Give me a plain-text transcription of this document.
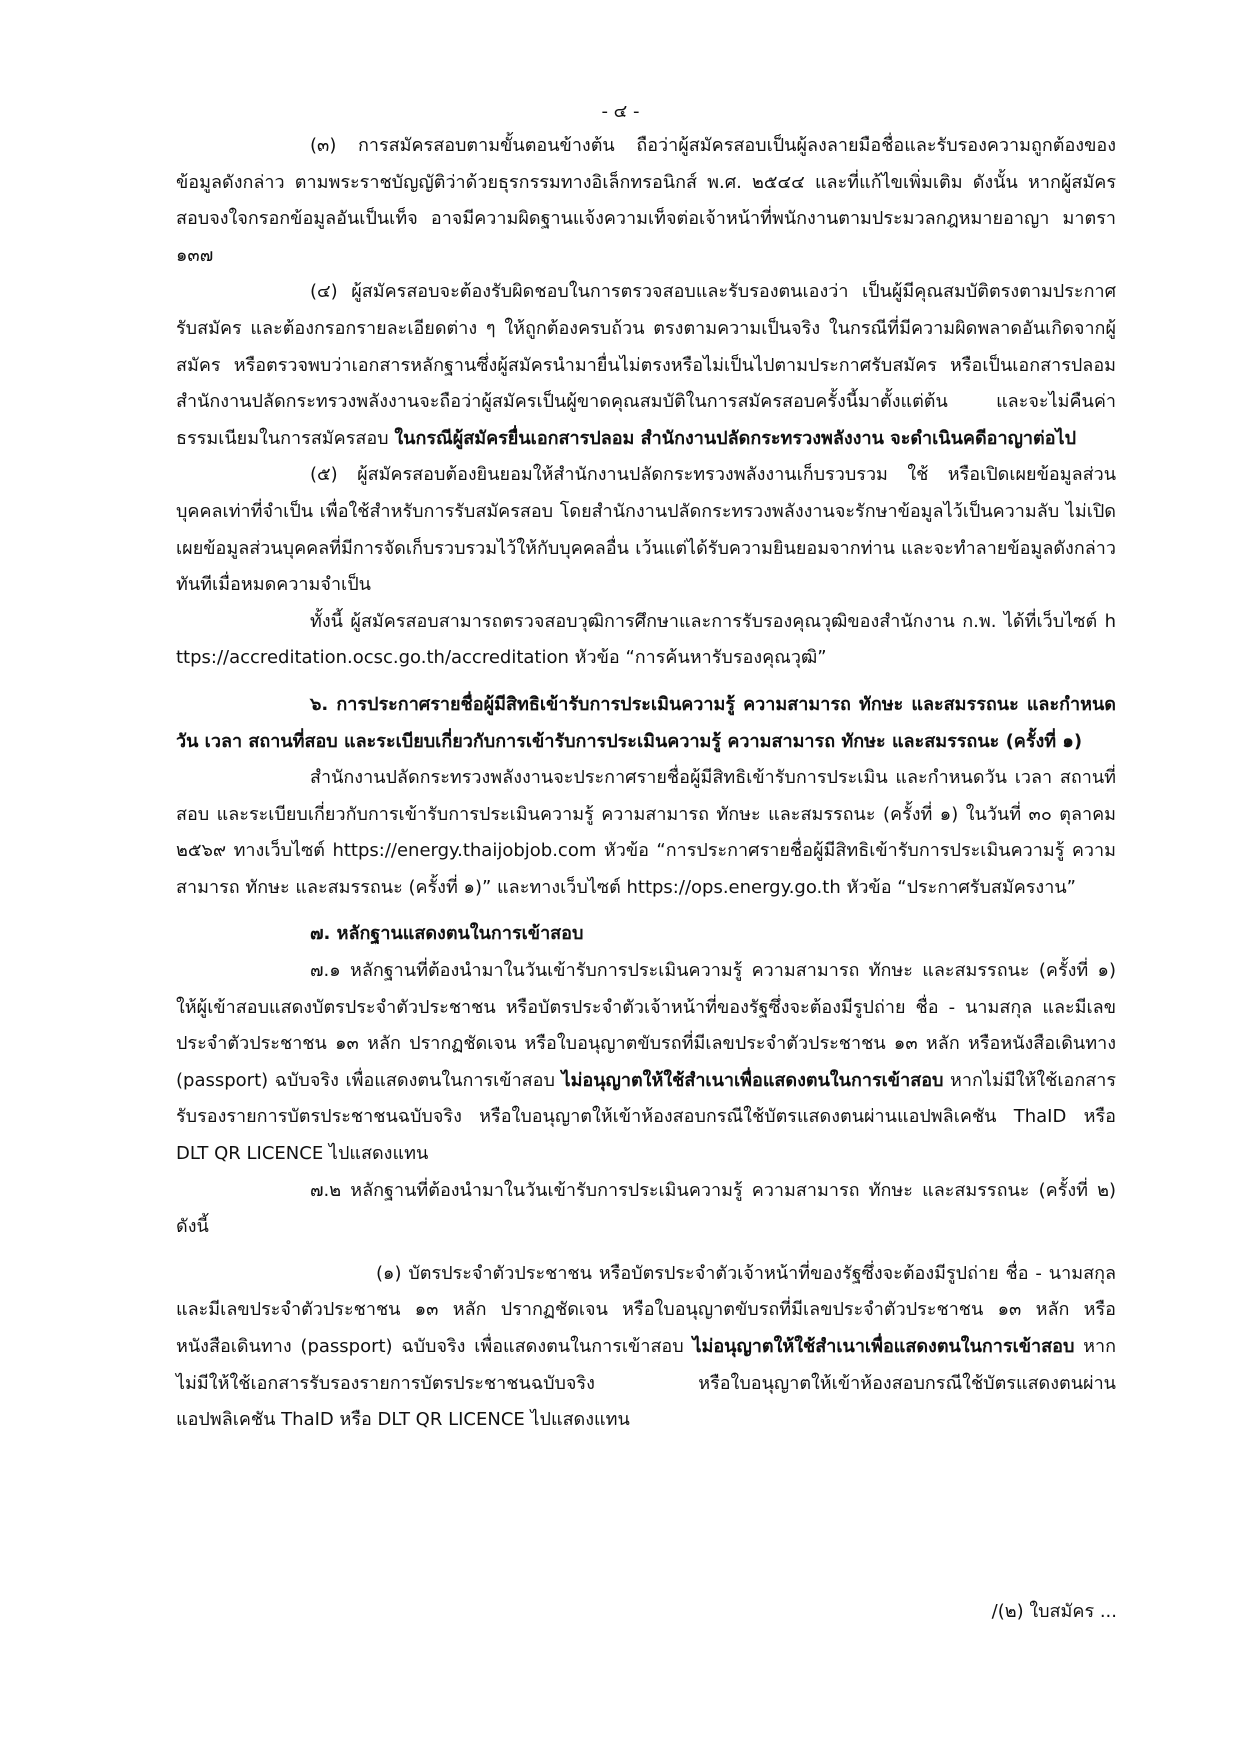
- ๔ -

(๓) การสมัครสอบตามขั้นตอนข้างต้น ถือว่าผู้สมัครสอบเป็นผู้ลงลายมือชื่อและรับรองความถูกต้องของข้อมูลดังกล่าว ตามพระราชบัญญัติว่าด้วยธุรกรรมทางอิเล็กทรอนิกส์ พ.ศ. ๒๕๔๔ และที่แก้ไขเพิ่มเติม ดังนั้น หากผู้สมัครสอบจงใจกรอกข้อมูลอันเป็นเท็จ อาจมีความผิดฐานแจ้งความเท็จต่อเจ้าหน้าที่พนักงานตามประมวลกฎหมายอาญา มาตรา ๑๓๗

(๔) ผู้สมัครสอบจะต้องรับผิดชอบในการตรวจสอบและรับรองตนเองว่า เป็นผู้มีคุณสมบัติตรงตามประกาศรับสมัคร และต้องกรอกรายละเอียดต่าง ๆ ให้ถูกต้องครบถ้วน ตรงตามความเป็นจริง ในกรณีที่มีความผิดพลาดอันเกิดจากผู้สมัคร หรือตรวจพบว่าเอกสารหลักฐานซึ่งผู้สมัครนำมายื่นไม่ตรงหรือไม่เป็นไปตามประกาศรับสมัคร หรือเป็นเอกสารปลอม สำนักงานปลัดกระทรวงพลังงานจะถือว่าผู้สมัครเป็นผู้ขาดคุณสมบัติในการสมัครสอบครั้งนี้มาตั้งแต่ต้น และจะไม่คืนค่าธรรมเนียมในการสมัครสอบ ในกรณีผู้สมัครยื่นเอกสารปลอม สำนักงานปลัดกระทรวงพลังงาน จะดำเนินคดีอาญาต่อไป

(๕) ผู้สมัครสอบต้องยินยอมให้สำนักงานปลัดกระทรวงพลังงานเก็บรวบรวม ใช้ หรือเปิดเผยข้อมูลส่วนบุคคลเท่าที่จำเป็น เพื่อใช้สำหรับการรับสมัครสอบ โดยสำนักงานปลัดกระทรวงพลังงานจะรักษาข้อมูลไว้เป็นความลับ ไม่เปิดเผยข้อมูลส่วนบุคคลที่มีการจัดเก็บรวบรวมไว้ให้กับบุคคลอื่น เว้นแต่ได้รับความยินยอมจากท่าน และจะทำลายข้อมูลดังกล่าวทันทีเมื่อหมดความจำเป็น

ทั้งนี้ ผู้สมัครสอบสามารถตรวจสอบวุฒิการศึกษาและการรับรองคุณวุฒิของสำนักงาน ก.พ. ได้ที่เว็บไซต์ https://accreditation.ocsc.go.th/accreditation หัวข้อ “การค้นหารับรองคุณวุฒิ”

๖. การประกาศรายชื่อผู้มีสิทธิเข้ารับการประเมินความรู้ ความสามารถ ทักษะ และสมรรถนะ และกำหนดวัน เวลา สถานที่สอบ และระเบียบเกี่ยวกับการเข้ารับการประเมินความรู้ ความสามารถ ทักษะ และสมรรถนะ (ครั้งที่ ๑)

สำนักงานปลัดกระทรวงพลังงานจะประกาศรายชื่อผู้มีสิทธิเข้ารับการประเมิน และกำหนดวัน เวลา สถานที่สอบ และระเบียบเกี่ยวกับการเข้ารับการประเมินความรู้ ความสามารถ ทักษะ และสมรรถนะ (ครั้งที่ ๑) ในวันที่ ๓๐ ตุลาคม ๒๕๖๙ ทางเว็บไซต์ https://energy.thaijobjob.com หัวข้อ “การประกาศรายชื่อผู้มีสิทธิเข้ารับการประเมินความรู้ ความสามารถ ทักษะ และสมรรถนะ (ครั้งที่ ๑)” และทางเว็บไซต์ https://ops.energy.go.th หัวข้อ “ประกาศรับสมัครงาน”

๗. หลักฐานแสดงตนในการเข้าสอบ

๗.๑ หลักฐานที่ต้องนำมาในวันเข้ารับการประเมินความรู้ ความสามารถ ทักษะ และสมรรถนะ (ครั้งที่ ๑) ให้ผู้เข้าสอบแสดงบัตรประจำตัวประชาชน หรือบัตรประจำตัวเจ้าหน้าที่ของรัฐซึ่งจะต้องมีรูปถ่าย ชื่อ - นามสกุล และมีเลขประจำตัวประชาชน ๑๓ หลัก ปรากฏชัดเจน หรือใบอนุญาตขับรถที่มีเลขประจำตัวประชาชน ๑๓ หลัก หรือหนังสือเดินทาง (passport) ฉบับจริง เพื่อแสดงตนในการเข้าสอบ ไม่อนุญาตให้ใช้สำเนาเพื่อแสดงตนในการเข้าสอบ หากไม่มีให้ใช้เอกสารรับรองรายการบัตรประชาชนฉบับจริง หรือใบอนุญาตให้เข้าห้องสอบกรณีใช้บัตรแสดงตนผ่านแอปพลิเคชัน ThaID หรือ DLT QR LICENCE ไปแสดงแทน

๗.๒ หลักฐานที่ต้องนำมาในวันเข้ารับการประเมินความรู้ ความสามารถ ทักษะ และสมรรถนะ (ครั้งที่ ๒) ดังนี้

(๑) บัตรประจำตัวประชาชน หรือบัตรประจำตัวเจ้าหน้าที่ของรัฐซึ่งจะต้องมีรูปถ่าย ชื่อ - นามสกุล และมีเลขประจำตัวประชาชน ๑๓ หลัก ปรากฏชัดเจน หรือใบอนุญาตขับรถที่มีเลขประจำตัวประชาชน ๑๓ หลัก หรือหนังสือเดินทาง (passport) ฉบับจริง เพื่อแสดงตนในการเข้าสอบ ไม่อนุญาตให้ใช้สำเนาเพื่อแสดงตนในการเข้าสอบ หากไม่มีให้ใช้เอกสารรับรองรายการบัตรประชาชนฉบับจริง หรือใบอนุญาตให้เข้าห้องสอบกรณีใช้บัตรแสดงตนผ่านแอปพลิเคชัน ThaID หรือ DLT QR LICENCE ไปแสดงแทน

/(๒) ใบสมัคร ...
